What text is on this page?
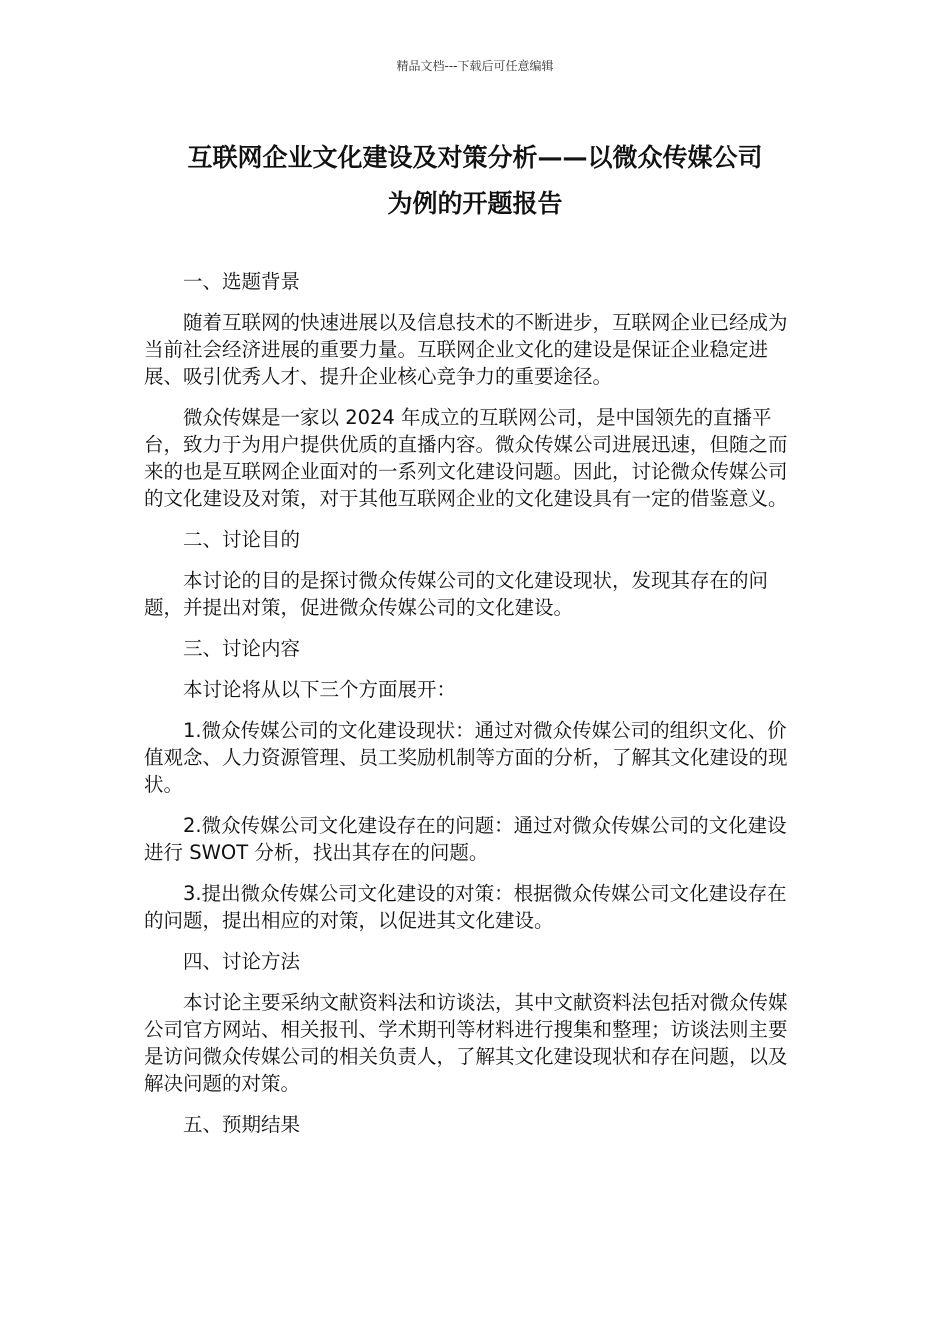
精品文档---下载后可任意编辑
互联网企业文化建设及对策分析——以微众传媒公司
为例的开题报告

一、选题背景

随着互联网的快速进展以及信息技术的不断进步，互联网企业已经成为当前社会经济进展的重要力量。互联网企业文化的建设是保证企业稳定进展、吸引优秀人才、提升企业核心竞争力的重要途径。

微众传媒是一家以 2024 年成立的互联网公司，是中国领先的直播平台，致力于为用户提供优质的直播内容。微众传媒公司进展迅速，但随之而来的也是互联网企业面对的一系列文化建设问题。因此，讨论微众传媒公司的文化建设及对策，对于其他互联网企业的文化建设具有一定的借鉴意义。

二、讨论目的

本讨论的目的是探讨微众传媒公司的文化建设现状，发现其存在的问题，并提出对策，促进微众传媒公司的文化建设。

三、讨论内容

本讨论将从以下三个方面展开：

1.微众传媒公司的文化建设现状：通过对微众传媒公司的组织文化、价值观念、人力资源管理、员工奖励机制等方面的分析，了解其文化建设的现状。

2.微众传媒公司文化建设存在的问题：通过对微众传媒公司的文化建设进行 SWOT 分析，找出其存在的问题。

3.提出微众传媒公司文化建设的对策：根据微众传媒公司文化建设存在的问题，提出相应的对策，以促进其文化建设。

四、讨论方法

本讨论主要采纳文献资料法和访谈法，其中文献资料法包括对微众传媒公司官方网站、相关报刊、学术期刊等材料进行搜集和整理；访谈法则主要是访问微众传媒公司的相关负责人，了解其文化建设现状和存在问题，以及解决问题的对策。

五、预期结果
